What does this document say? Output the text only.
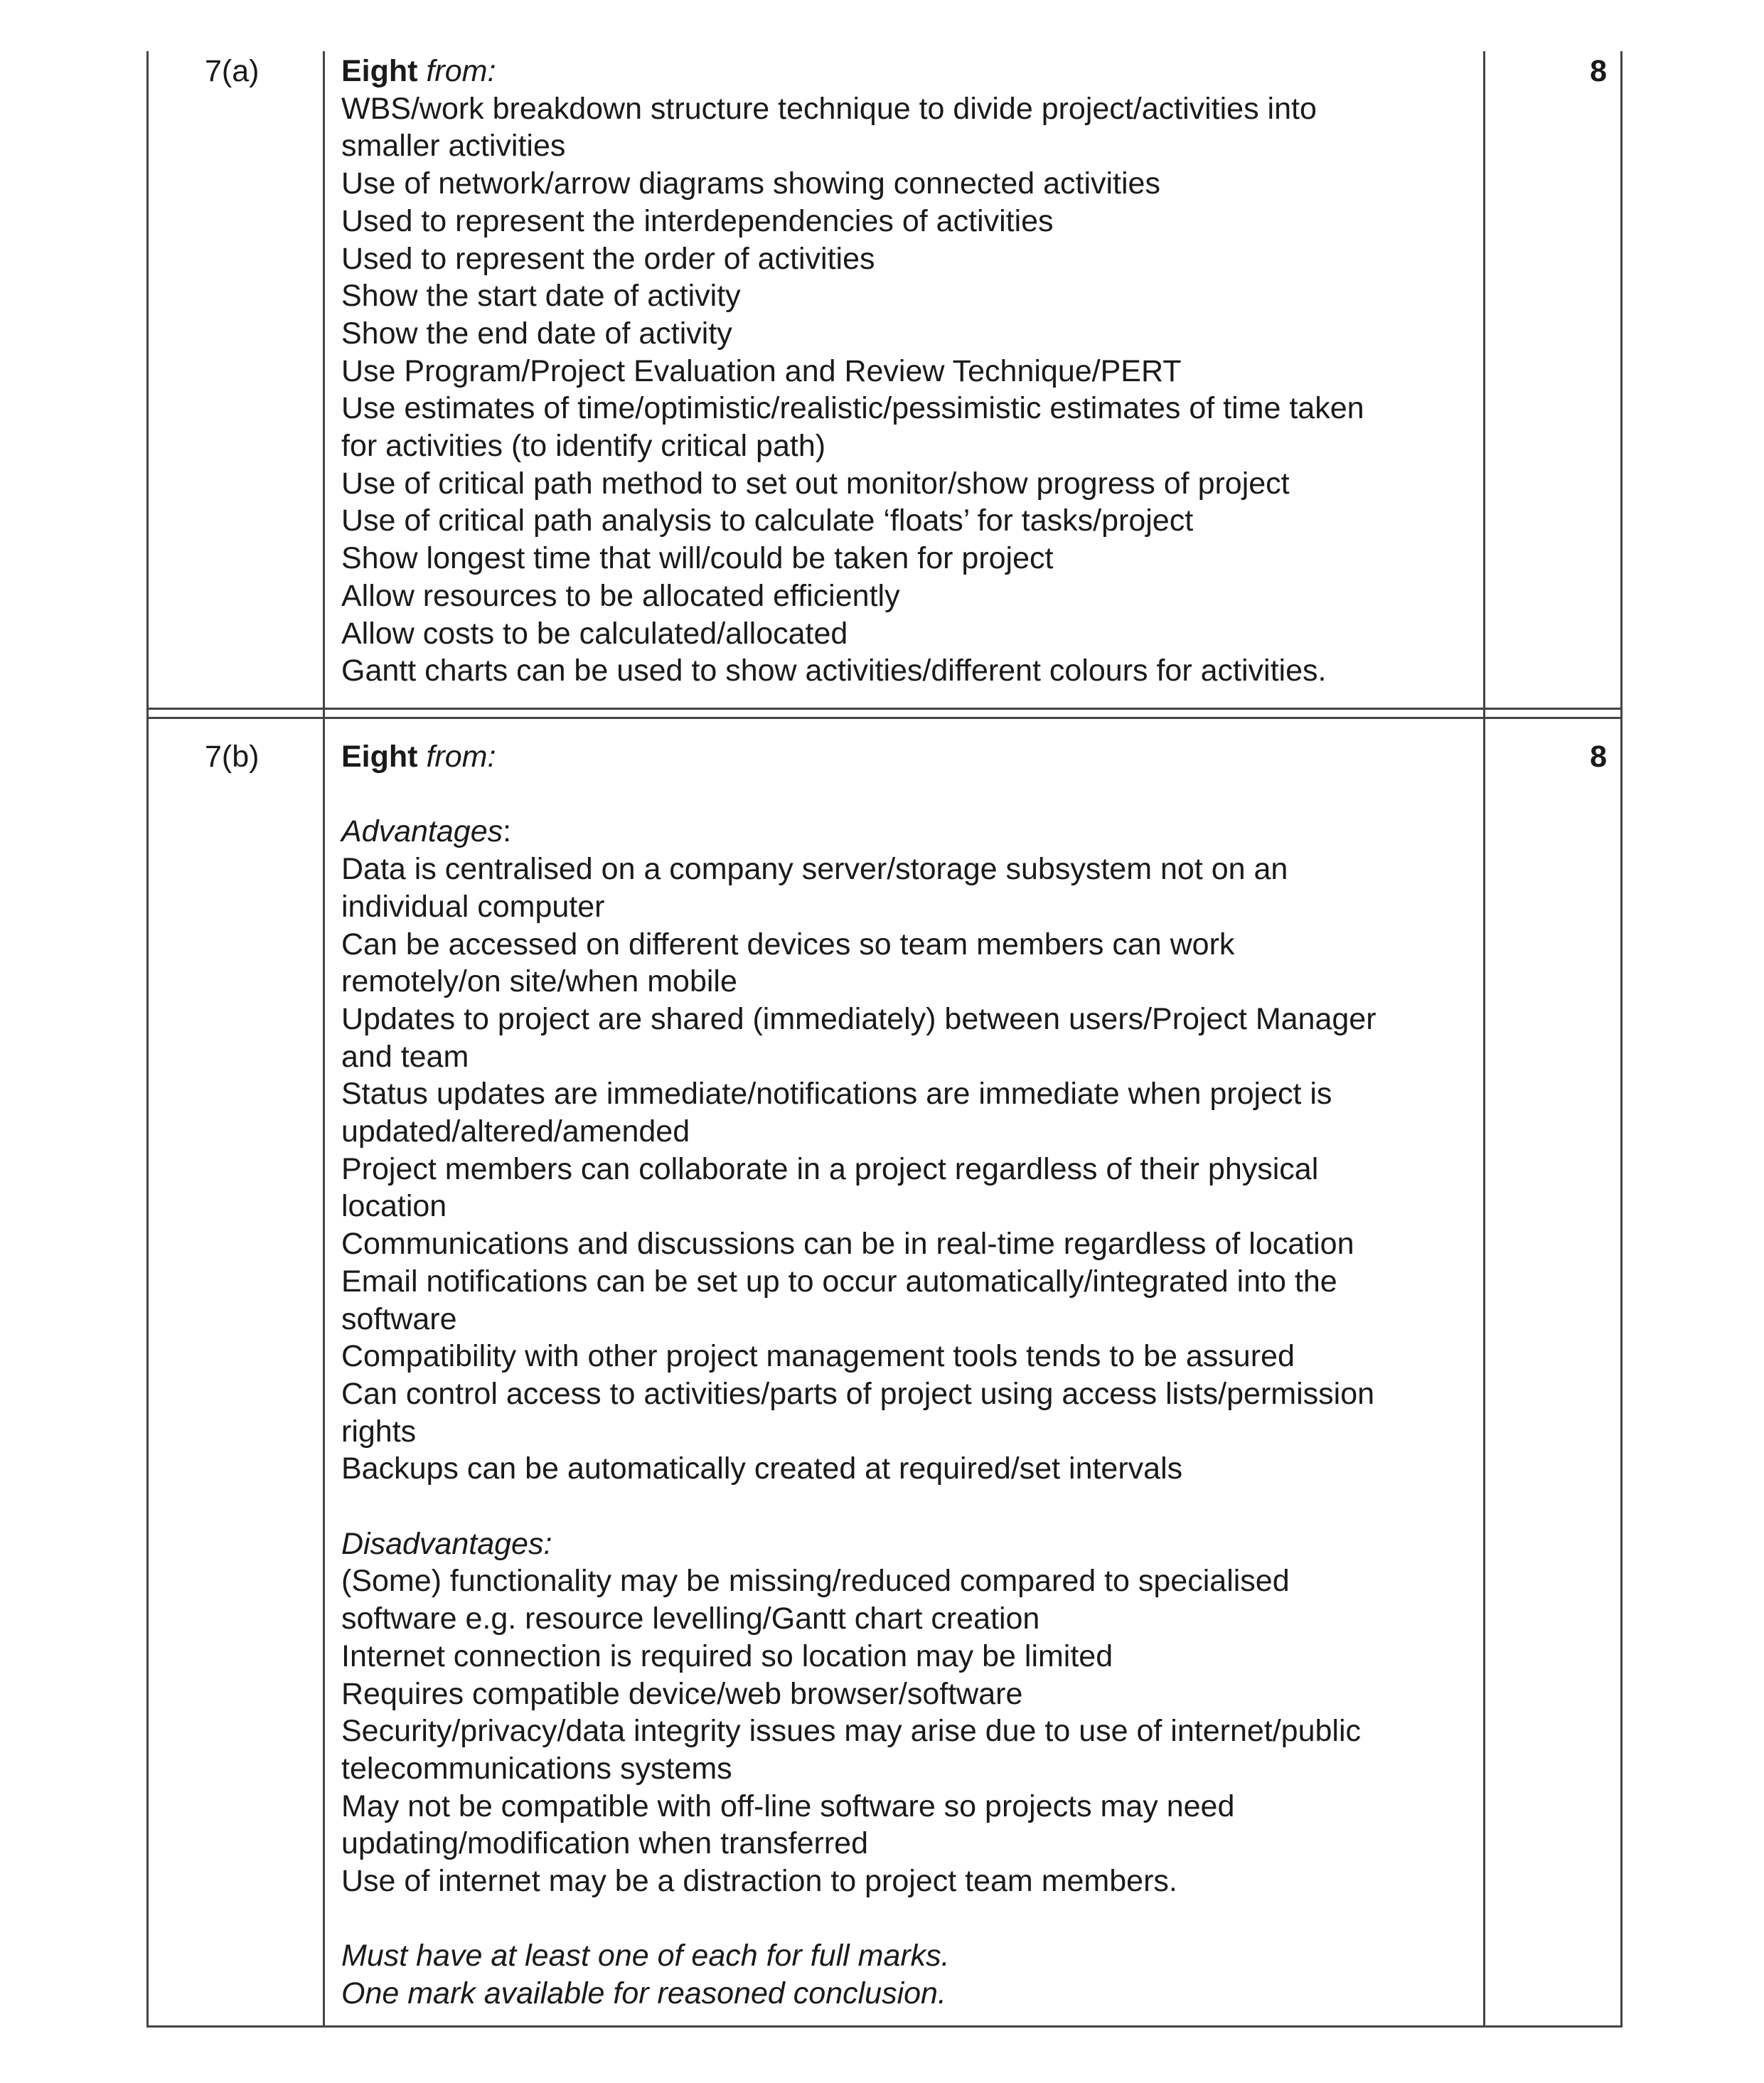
7(a)	8
Eight from:
WBS/work breakdown structure technique to divide project/activities into
smaller activities
Use of network/arrow diagrams showing connected activities
Used to represent the interdependencies of activities
Used to represent the order of activities
Show the start date of activity
Show the end date of activity
Use Program/Project Evaluation and Review Technique/PERT
Use estimates of time/optimistic/realistic/pessimistic estimates of time taken
for activities (to identify critical path)
Use of critical path method to set out monitor/show progress of project
Use of critical path analysis to calculate ‘floats’ for tasks/project
Show longest time that will/could be taken for project
Allow resources to be allocated efficiently
Allow costs to be calculated/allocated
Gantt charts can be used to show activities/different colours for activities.
7(b)	8
Eight from:
Advantages:
Data is centralised on a company server/storage subsystem not on an
individual computer
Can be accessed on different devices so team members can work
remotely/on site/when mobile
Updates to project are shared (immediately) between users/Project Manager
and team
Status updates are immediate/notifications are immediate when project is
updated/altered/amended
Project members can collaborate in a project regardless of their physical
location
Communications and discussions can be in real-time regardless of location
Email notifications can be set up to occur automatically/integrated into the
software
Compatibility with other project management tools tends to be assured
Can control access to activities/parts of project using access lists/permission
rights
Backups can be automatically created at required/set intervals
Disadvantages:
(Some) functionality may be missing/reduced compared to specialised
software e.g. resource levelling/Gantt chart creation
Internet connection is required so location may be limited
Requires compatible device/web browser/software
Security/privacy/data integrity issues may arise due to use of internet/public
telecommunications systems
May not be compatible with off-line software so projects may need
updating/modification when transferred
Use of internet may be a distraction to project team members.
Must have at least one of each for full marks.
One mark available for reasoned conclusion.
